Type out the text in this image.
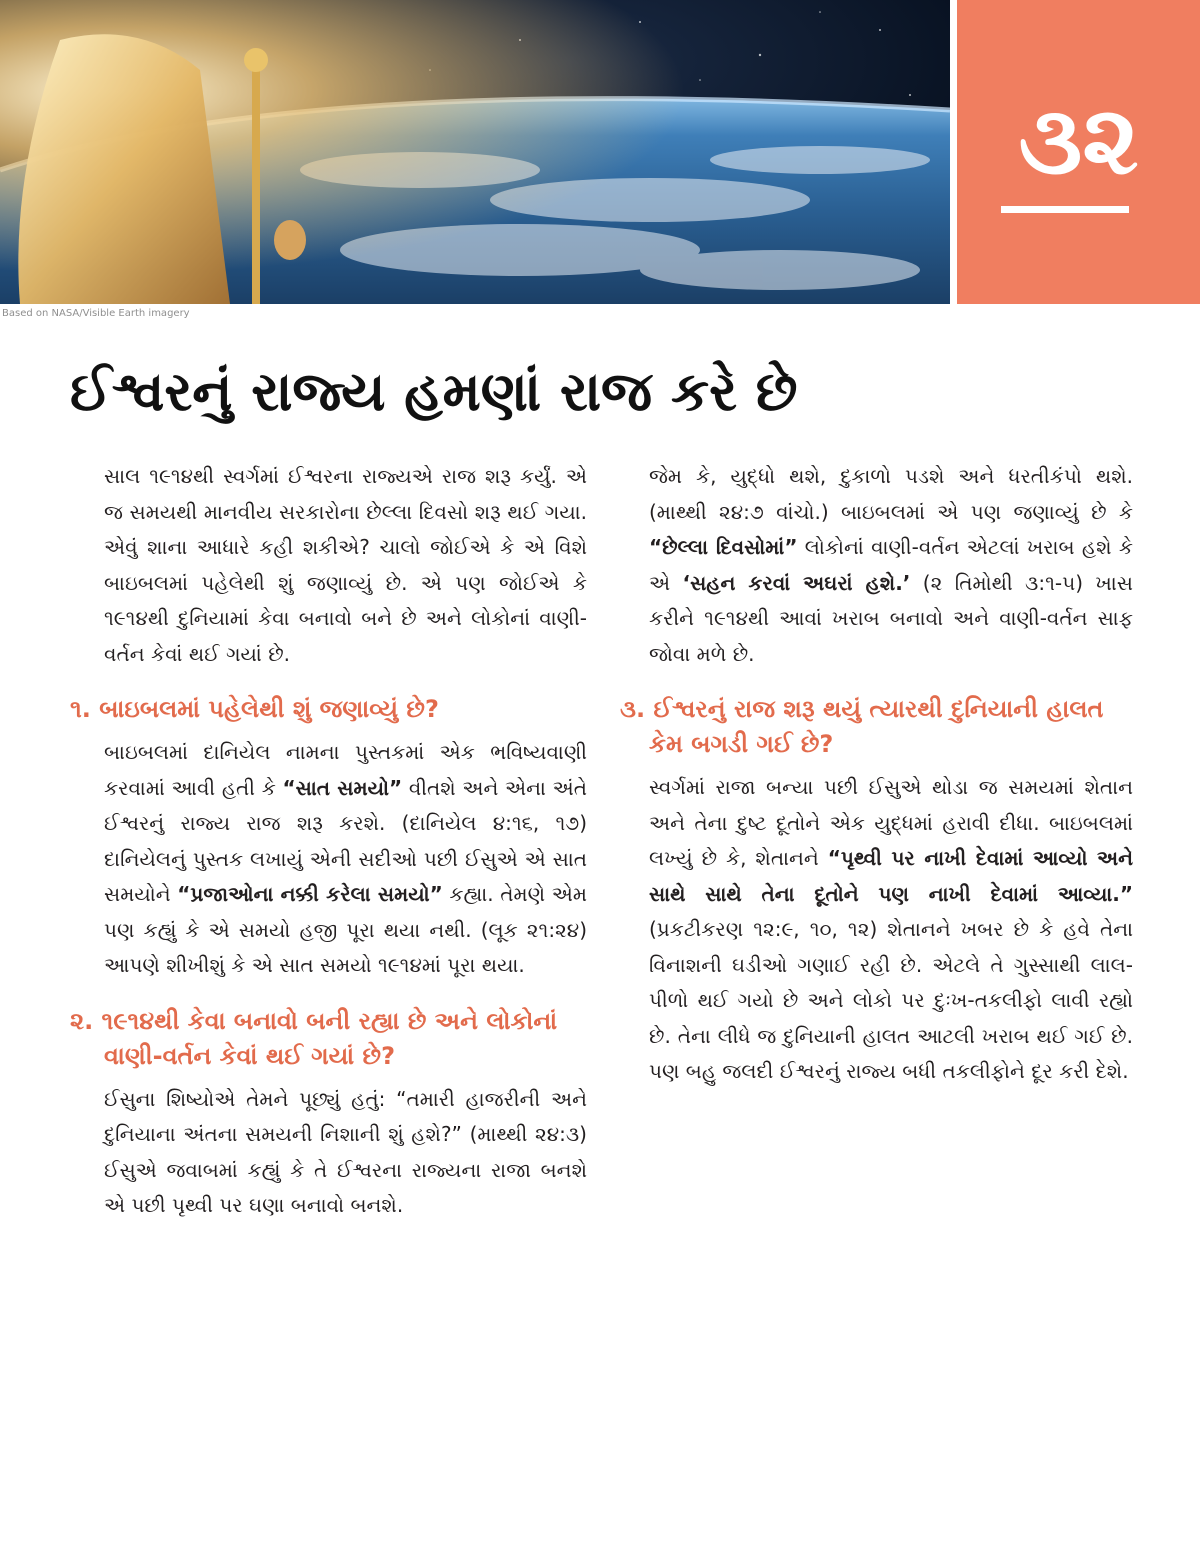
Based on NASA/Visible Earth imagery
૩૨
ઈશ્વરનું રાજ્ય હમણાં રાજ કરે છે

સાલ ૧૯૧૪થી સ્વર્ગમાં ઈશ્વરના રાજ્યએ રાજ શરૂ કર્યું. એ જ સમયથી માનવીય સરકારોના છેલ્લા દિવસો શરૂ થઈ ગયા. એવું શાના આધારે કહી શકીએ? ચાલો જોઈએ કે એ વિશે બાઇબલમાં પહેલેથી શું જણાવ્યું છે. એ પણ જોઈએ કે ૧૯૧૪થી દુનિયામાં કેવા બનાવો બને છે અને લોકોનાં વાણી-વર્તન કેવાં થઈ ગયાં છે.

૧. બાઇબલમાં પહેલેથી શું જણાવ્યું છે?

બાઇબલમાં દાનિયેલ નામના પુસ્તકમાં એક ભવિષ્યવાણી કરવામાં આવી હતી કે “સાત સમયો” વીતશે અને એના અંતે ઈશ્વરનું રાજ્ય રાજ શરૂ કરશે. (દાનિયેલ ૪:૧૬, ૧૭) દાનિયેલનું પુસ્તક લખાયું એની સદીઓ પછી ઈસુએ એ સાત સમયોને “પ્રજાઓના નક્કી કરેલા સમયો” કહ્યા. તેમણે એમ પણ કહ્યું કે એ સમયો હજી પૂરા થયા નથી. (લૂક ૨૧:૨૪) આપણે શીખીશું કે એ સાત સમયો ૧૯૧૪માં પૂરા થયા.

૨. ૧૯૧૪થી કેવા બનાવો બની રહ્યા છે અને લોકોનાં વાણી-વર્તન કેવાં થઈ ગયાં છે?

ઈસુના શિષ્યોએ તેમને પૂછ્યું હતું: “તમારી હાજરીની અને દુનિયાના અંતના સમયની નિશાની શું હશે?” (માથ્થી ૨૪:૩) ઈસુએ જવાબમાં કહ્યું કે તે ઈશ્વરના રાજ્યના રાજા બનશે એ પછી પૃથ્વી પર ઘણા બનાવો બનશે.

જેમ કે, યુદ્ધો થશે, દુકાળો પડશે અને ધરતીકંપો થશે. (માથ્થી ૨૪:૭ વાંચો.) બાઇબલમાં એ પણ જણાવ્યું છે કે “છેલ્લા દિવસોમાં” લોકોનાં વાણી-વર્તન એટલાં ખરાબ હશે કે એ ‘સહન કરવાં અઘરાં હશે.’ (૨ તિમોથી ૩:૧-૫) ખાસ કરીને ૧૯૧૪થી આવાં ખરાબ બનાવો અને વાણી-વર્તન સાફ જોવા મળે છે.

૩. ઈશ્વરનું રાજ શરૂ થયું ત્યારથી દુનિયાની હાલત કેમ બગડી ગઈ છે?

સ્વર્ગમાં રાજા બન્યા પછી ઈસુએ થોડા જ સમયમાં શેતાન અને તેના દુષ્ટ દૂતોને એક યુદ્ધમાં હરાવી દીધા. બાઇબલમાં લખ્યું છે કે, શેતાનને “પૃથ્વી પર નાખી દેવામાં આવ્યો અને સાથે સાથે તેના દૂતોને પણ નાખી દેવામાં આવ્યા.” (પ્રકટીકરણ ૧૨:૯, ૧૦, ૧૨) શેતાનને ખબર છે કે હવે તેના વિનાશની ઘડીઓ ગણાઈ રહી છે. એટલે તે ગુસ્સાથી લાલ-પીળો થઈ ગયો છે અને લોકો પર દુઃખ-તકલીફો લાવી રહ્યો છે. તેના લીધે જ દુનિયાની હાલત આટલી ખરાબ થઈ ગઈ છે. પણ બહુ જલદી ઈશ્વરનું રાજ્ય બધી તકલીફોને દૂર કરી દેશે.
